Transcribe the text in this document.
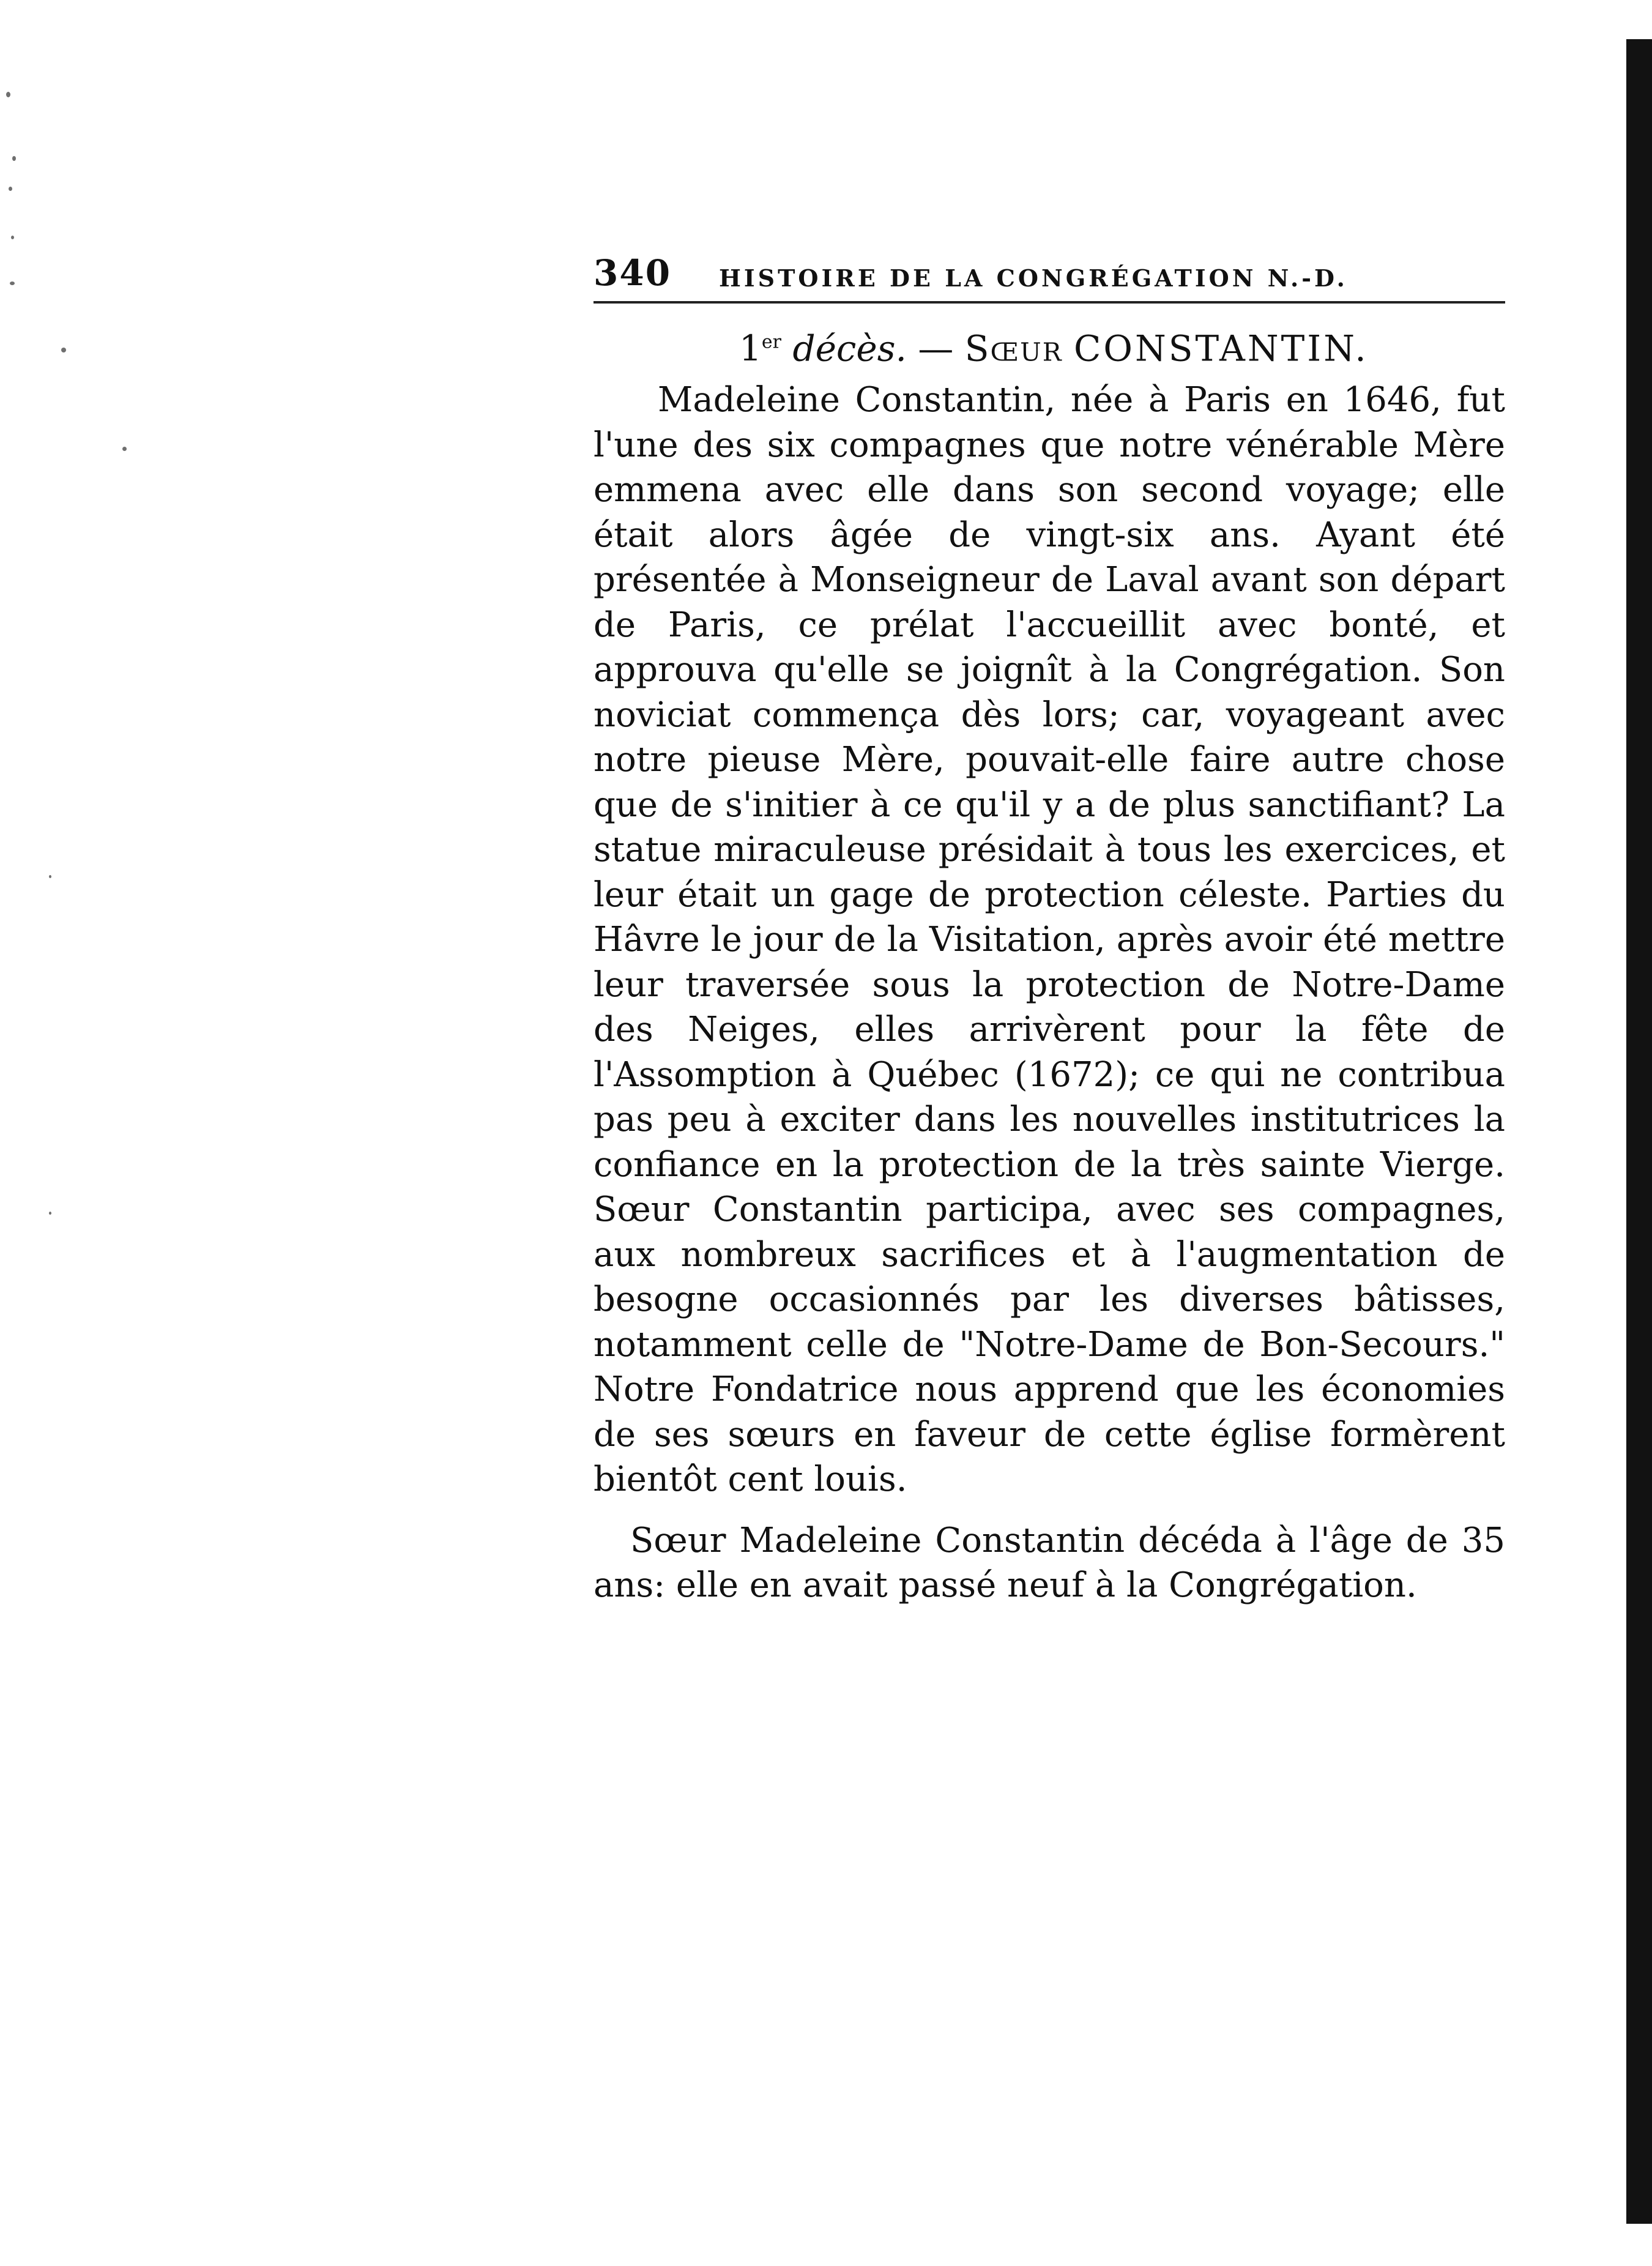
340 HISTOIRE DE LA CONGRÉGATION N.-D.
1er décès. — Sœur CONSTANTIN.

Madeleine Constantin, née à Paris en 1646, fut l'une des six compagnes que notre vénérable Mère emmena avec elle dans son second voyage; elle était alors âgée de vingt-six ans. Ayant été présentée à Monseigneur de Laval avant son départ de Paris, ce prélat l'accueillit avec bonté, et approuva qu'elle se joignît à la Congrégation. Son noviciat commença dès lors; car, voyageant avec notre pieuse Mère, pouvait-elle faire autre chose que de s'initier à ce qu'il y a de plus sanctifiant? La statue miraculeuse présidait à tous les exercices, et leur était un gage de protection céleste. Parties du Hâvre le jour de la Visitation, après avoir été mettre leur traversée sous la protection de Notre-Dame des Neiges, elles arrivèrent pour la fête de l'Assomption à Québec (1672); ce qui ne contribua pas peu à exciter dans les nouvelles institutrices la confiance en la protection de la très sainte Vierge. Sœur Constantin participa, avec ses compagnes, aux nombreux sacrifices et à l'augmentation de besogne occasionnés par les diverses bâtisses, notamment celle de "Notre-Dame de Bon-Secours." Notre Fondatrice nous apprend que les économies de ses sœurs en faveur de cette église formèrent bientôt cent louis.

Sœur Madeleine Constantin décéda à l'âge de 35 ans: elle en avait passé neuf à la Congrégation.
